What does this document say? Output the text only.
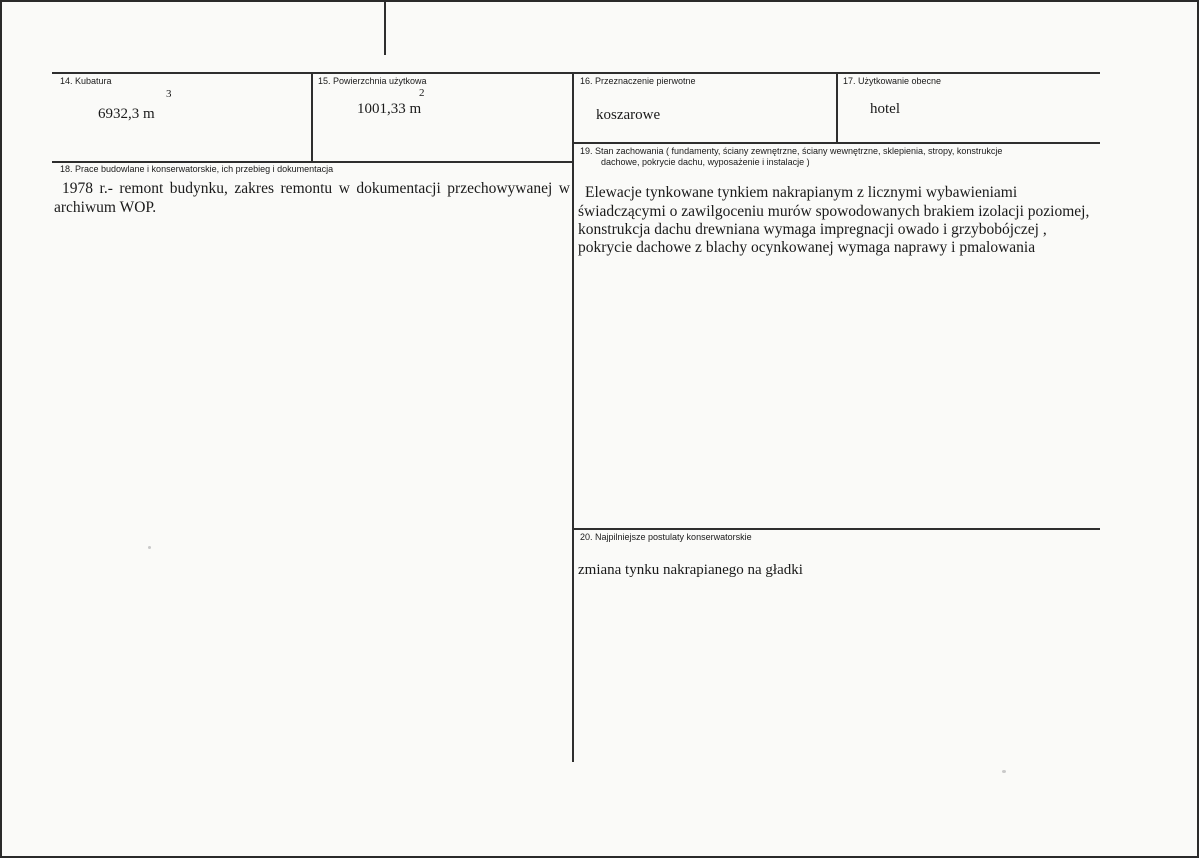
14. Kubatura
3
6932,3 m
15. Powierzchnia użytkowa
2
1001,33 m
16. Przeznaczenie pierwotne
koszarowe
17. Użytkowanie obecne
hotel
18. Prace budowlane i konserwatorskie, ich przebieg i dokumentacja
1978 r.- remont budynku, zakres remontu w dokumentacji przechowywanej w archiwum WOP.
19. Stan zachowania ( fundamenty, ściany zewnętrzne, ściany wewnętrzne, sklepienia, stropy, konstrukcje
dachowe, pokrycie dachu, wyposażenie i instalacje )
Elewacje tynkowane tynkiem nakrapianym z licznymi wybawieniami
świadczącymi o zawilgoceniu murów spowodowanych brakiem izolacji poziomej,
konstrukcja dachu drewniana wymaga impregnacji owado i grzybobójczej ,
pokrycie dachowe z blachy ocynkowanej wymaga naprawy i pmalowania
20. Najpilniejsze postulaty konserwatorskie
zmiana tynku nakrapianego na gładki
